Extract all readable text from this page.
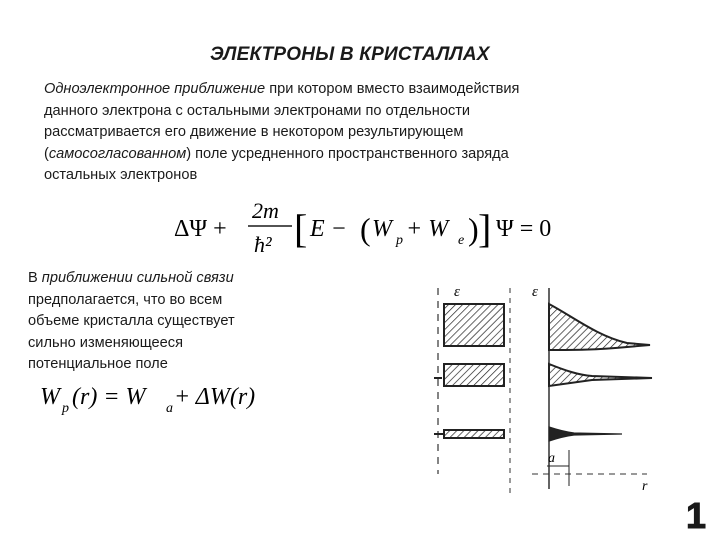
ЭЛЕКТРОНЫ В КРИСТАЛЛАХ
Одноэлектронное приближение при котором вместо взаимодействия
данного электрона с остальными электронами по отдельности
рассматривается его движение в некотором результирующем
(самосогласованном) поле усредненного пространственного заряда
остальных электронов
ΔΨ +
2m
ħ² [ E − ( W p + W e ) ] Ψ = 0
В приближении сильной связи
предполагается, что во всем
объеме кристалла существует
сильно изменяющееся
потенциальное поле
W p (r) = W a + ΔW(r)
ε	ε
a
r
1
